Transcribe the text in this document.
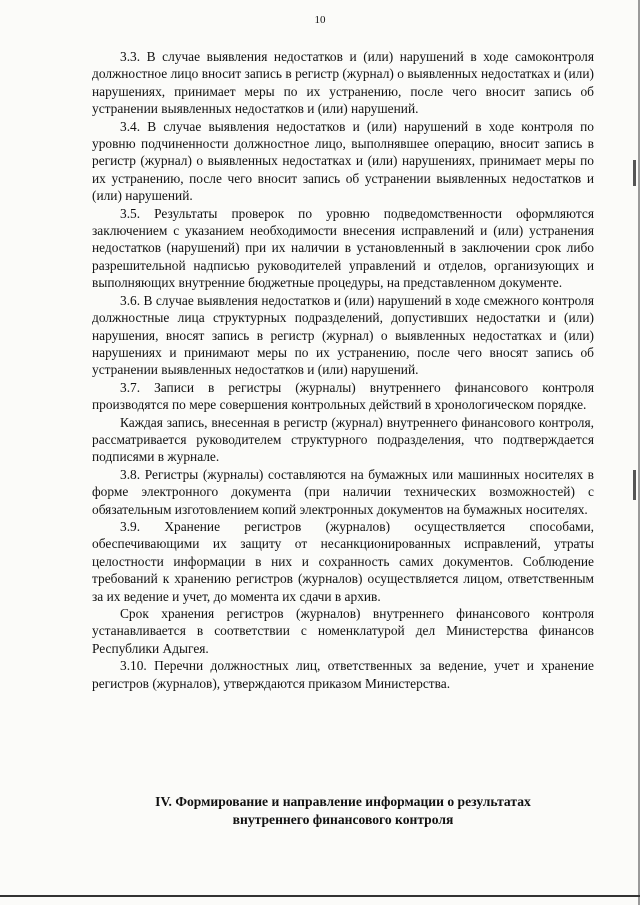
10

3.3. В случае выявления недостатков и (или) нарушений в ходе самоконтроля должностное лицо вносит запись в регистр (журнал) о выявленных недостатках и (или) нарушениях, принимает меры по их устранению, после чего вносит запись об устранении выявленных недостатков и (или) нарушений.

3.4. В случае выявления недостатков и (или) нарушений в ходе контроля по уровню подчиненности должностное лицо, выполнявшее операцию, вносит запись в регистр (журнал) о выявленных недостатках и (или) нарушениях, принимает меры по их устранению, после чего вносит запись об устранении выявленных недостатков и (или) нарушений.

3.5. Результаты проверок по уровню подведомственности оформляются заключением с указанием необходимости внесения исправлений и (или) устранения недостатков (нарушений) при их наличии в установленный в заключении срок либо разрешительной надписью руководителей управлений и отделов, организующих и выполняющих внутренние бюджетные процедуры, на представленном документе.

3.6. В случае выявления недостатков и (или) нарушений в ходе смежного контроля должностные лица структурных подразделений, допустивших недостатки и (или) нарушения, вносят запись в регистр (журнал) о выявленных недостатках и (или) нарушениях и принимают меры по их устранению, после чего вносят запись об устранении выявленных недостатков и (или) нарушений.

3.7. Записи в регистры (журналы) внутреннего финансового контроля производятся по мере совершения контрольных действий в хронологическом порядке.

Каждая запись, внесенная в регистр (журнал) внутреннего финансового контроля, рассматривается руководителем структурного подразделения, что подтверждается подписями в журнале.

3.8. Регистры (журналы) составляются на бумажных или машинных носителях в форме электронного документа (при наличии технических возможностей) с обязательным изготовлением копий электронных документов на бумажных носителях.

3.9. Хранение регистров (журналов) осуществляется способами, обеспечивающими их защиту от несанкционированных исправлений, утраты целостности информации в них и сохранность самих документов. Соблюдение требований к хранению регистров (журналов) осуществляется лицом, ответственным за их ведение и учет, до момента их сдачи в архив.

Срок хранения регистров (журналов) внутреннего финансового контроля устанавливается в соответствии с номенклатурой дел Министерства финансов Республики Адыгея.

3.10. Перечни должностных лиц, ответственных за ведение, учет и хранение регистров (журналов), утверждаются приказом Министерства.

IV. Формирование и направление информации о результатах
внутреннего финансового контроля
